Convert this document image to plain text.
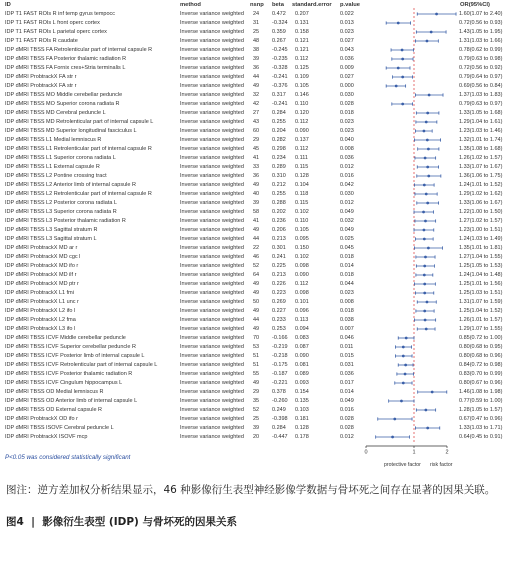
ID	method	nsnp beta standard.error p.value	OR(95%CI)
IDP T1 FAST ROIs R inf temp gyrus tempocc	Inverse variance weighted 24 0.472 0.207	0.022	1.60(1.07 to 2.40)
IDP T1 FAST ROIs L front operc cortex	Inverse variance weighted 31 -0.324 0.131	0.013	0.72(0.56 to 0.93)
IDP T1 FAST ROIs L parietal operc cortex	Inverse variance weighted 25 0.359 0.158	0.023	1.43(1.05 to 1.95)
IDP T1 FAST ROIs R caudate	Inverse variance weighted 48 0.267 0.121	0.027	1.31(1.03 to 1.66)
IDP dMRI TBSS FA Retrolenticular part of internal capsule R	Inverse variance weighted 38 -0.245 0.121	0.043	0.78(0.62 to 0.99)
IDP dMRI TBSS FA Posterior thalamic radiation R	Inverse variance weighted 39 -0.235 0.112	0.036	0.79(0.63 to 0.98)
IDP dMRI TBSS FA Fornix cres+Stria terminalis L	Inverse variance weighted 36 -0.328 0.125	0.009	0.72(0.56 to 0.92)
IDP dMRI ProbtrackX FA str r	Inverse variance weighted 44 -0.241 0.109	0.027	0.79(0.64 to 0.97)
IDP dMRI ProbtrackX FA str r	Inverse variance weighted 49 -0.376 0.105	0.000	0.69(0.56 to 0.84)
IDP dMRI TBSS MO Middle cerebellar peduncle	Inverse variance weighted 32 0.317 0.146	0.030	1.37(1.03 to 1.83)
IDP dMRI TBSS MO Superior corona radiata R	Inverse variance weighted 42 -0.241 0.110	0.028	0.79(0.63 to 0.97)
IDP dMRI TBSS MD Cerebral peduncle L	Inverse variance weighted 27 0.284 0.120	0.018	1.33(1.05 to 1.68)
IDP dMRI TBSS MD Retrolenticular part of internal capsule L	Inverse variance weighted 43 0.255 0.112	0.023	1.29(1.04 to 1.61)
IDP dMRI TBSS MD Superior longitudinal fasciculus L	Inverse variance weighted 60 0.204 0.090	0.023	1.23(1.03 to 1.46)
IDP dMRI TBSS L1 Medial lemniscus R	Inverse variance weighted 29 0.282 0.137	0.040	1.32(1.01 to 1.74)
IDP dMRI TBSS L1 Retrolenticular part of internal capsule R	Inverse variance weighted 45 0.298 0.112	0.008	1.35(1.08 to 1.68)
IDP dMRI TBSS L1 Superior corona radiata L	Inverse variance weighted 41 0.234 0.111	0.036	1.26(1.02 to 1.57)
IDP dMRI TBSS L1 External capsule R	Inverse variance weighted 33 0.289 0.115	0.012	1.33(1.07 to 1.67)
IDP dMRI TBSS L2 Pontine crossing tract	Inverse variance weighted 36 0.310 0.128	0.016	1.36(1.06 to 1.75)
IDP dMRI TBSS L2 Anterior limb of internal capsule R	Inverse variance weighted 49 0.212 0.104	0.042	1.24(1.01 to 1.52)
IDP dMRI TBSS L2 Retrolenticular part of internal capsule R	Inverse variance weighted 40 0.255 0.118	0.030	1.29(1.02 to 1.62)
IDP dMRI TBSS L2 Posterior corona radiata L	Inverse variance weighted 39 0.288 0.115	0.012	1.33(1.06 to 1.67)
IDP dMRI TBSS L3 Superior corona radiata R	Inverse variance weighted 58 0.202 0.102	0.049	1.22(1.00 to 1.50)
IDP dMRI TBSS L3 Posterior thalamic radiation R	Inverse variance weighted 41 0.236 0.110	0.032	1.27(1.02 to 1.57)
IDP dMRI TBSS L3 Sagittal stratum R	Inverse variance weighted 49 0.206 0.105	0.049	1.23(1.00 to 1.51)
IDP dMRI TBSS L3 Sagittal stratum L	Inverse variance weighted 44 0.213 0.095	0.025	1.24(1.03 to 1.49)
IDP dMRI ProbtrackX MD ar r	Inverse variance weighted 22 0.301 0.150	0.045	1.35(1.01 to 1.81)
IDP dMRI ProbtrackX MD cgc l	Inverse variance weighted 46 0.241 0.102	0.018	1.27(1.04 to 1.55)
IDP dMRI ProbtrackX MD ifo r	Inverse variance weighted 52 0.225 0.098	0.014	1.25(1.05 to 1.53)
IDP dMRI ProbtrackX MD ilf r	Inverse variance weighted 64 0.213 0.090	0.018	1.24(1.04 to 1.48)
IDP dMRI ProbtrackX MD ptr r	Inverse variance weighted 49 0.226 0.112	0.044	1.25(1.01 to 1.56)
IDP dMRI ProbtrackX L1 fmi	Inverse variance weighted 49 0.223 0.098	0.023	1.25(1.03 to 1.51)
IDP dMRI ProbtrackX L1 unc r	Inverse variance weighted 50 0.269 0.101	0.008	1.31(1.07 to 1.59)
IDP dMRI ProbtrackX L2 ifo l	Inverse variance weighted 49 0.227 0.096	0.018	1.25(1.04 to 1.52)
IDP dMRI ProbtrackX L2 fma	Inverse variance weighted 44 0.233 0.113	0.038	1.26(1.01 to 1.57)
IDP dMRI ProbtrackX L3 ifo l	Inverse variance weighted 49 0.253 0.094	0.007	1.29(1.07 to 1.55)
IDP dMRI TBSS ICVF Middle cerebellar peduncle	Inverse variance weighted 70 -0.166 0.083	0.046	0.85(0.72 to 1.00)
IDP dMRI TBSS ICVF Superior cerebellar peduncle R	Inverse variance weighted 53 -0.219 0.087	0.011	0.80(0.68 to 0.95)
IDP dMRI TBSS ICVF Posterior limb of internal capsule L	Inverse variance weighted 51 -0.218 0.090	0.015	0.80(0.68 to 0.96)
IDP dMRI TBSS ICVF Retrolenticular part of internal capsule L	Inverse variance weighted 51 -0.175 0.081	0.031	0.84(0.72 to 0.98)
IDP dMRI TBSS ICVF Posterior thalamic radiation R	Inverse variance weighted 55 -0.187 0.089	0.036	0.83(0.70 to 0.99)
IDP dMRI TBSS ICVF Cingulum hippocampus L	Inverse variance weighted 49 -0.221 0.093	0.017	0.80(0.67 to 0.96)
IDP dMRI TBSS OD Medial lemniscus R	Inverse variance weighted 29 0.378 0.154	0.014	1.46(1.08 to 1.98)
IDP dMRI TBSS OD Anterior limb of internal capsule L	Inverse variance weighted 35 -0.260 0.135	0.049	0.77(0.59 to 1.00)
IDP dMRI TBSS OD External capsule R	Inverse variance weighted 52 0.249 0.103	0.016	1.28(1.05 to 1.57)
IDP dMRI ProbtrackX OD ifo r	Inverse variance weighted 25 -0.398 0.181	0.028	0.67(0.47 to 0.96)
IDP dMRI TBSS ISOVF Cerebral peduncle L	Inverse variance weighted 39 0.284 0.128	0.028	1.33(1.03 to 1.71)
IDP dMRI ProbtrackX ISOVF mcp	Inverse variance weighted 20 -0.447 0.178	0.012	0.64(0.45 to 0.91)
0	1	2
P<0.05 was considered statistically significant
protective factor risk factor
图注：逆方差加权分析结果显示，46 种影像衍生表型神经影像学数据与骨坏死之间存在显著的因果关联。
图4  |  影像衍生表型 (IDP) 与骨坏死的因果关系
